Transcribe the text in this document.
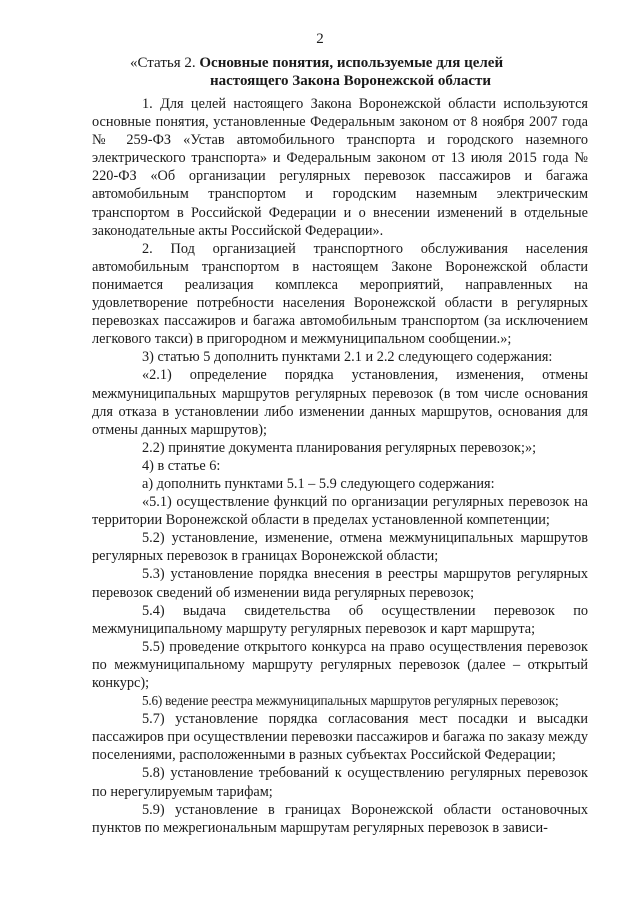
2
«Статья 2. Основные понятия, используемые для целей
настоящего Закона Воронежской области

1. Для целей настоящего Закона Воронежской области используются основные понятия, установленные Федеральным законом от 8 ноября 2007 года № 259-ФЗ «Устав автомобильного транспорта и городского наземного электрического транспорта» и Федеральным законом от 13 июля 2015 года № 220-ФЗ «Об организации регулярных перевозок пассажиров и багажа автомобильным транспортом и городским наземным электрическим транспортом в Российской Федерации и о внесении изменений в отдельные законодательные акты Российской Федерации».

2. Под организацией транспортного обслуживания населения автомобильным транспортом в настоящем Законе Воронежской области понимается реализация комплекса мероприятий, направленных на удовлетворение потребности населения Воронежской области в регулярных перевозках пассажиров и багажа автомобильным транспортом (за исключением легкового такси) в пригородном и межмуниципальном сообщении.»;

3) статью 5 дополнить пунктами 2.1 и 2.2 следующего содержания:

«2.1) определение порядка установления, изменения, отмены межмуниципальных маршрутов регулярных перевозок (в том числе основания для отказа в установлении либо изменении данных маршрутов, основания для отмены данных маршрутов);

2.2) принятие документа планирования регулярных перевозок;»;

4) в статье 6:

а) дополнить пунктами 5.1 – 5.9 следующего содержания:

«5.1) осуществление функций по организации регулярных перевозок на территории Воронежской области в пределах установленной компетенции;

5.2) установление, изменение, отмена межмуниципальных маршрутов регулярных перевозок в границах Воронежской области;

5.3) установление порядка внесения в реестры маршрутов регулярных перевозок сведений об изменении вида регулярных перевозок;

5.4) выдача свидетельства об осуществлении перевозок по межмуниципальному маршруту регулярных перевозок и карт маршрута;

5.5) проведение открытого конкурса на право осуществления перевозок по межмуниципальному маршруту регулярных перевозок (далее – открытый конкурс);

5.6) ведение реестра межмуниципальных маршрутов регулярных перевозок;

5.7) установление порядка согласования мест посадки и высадки пассажиров при осуществлении перевозки пассажиров и багажа по заказу между поселениями, расположенными в разных субъектах Российской Федерации;

5.8) установление требований к осуществлению регулярных перевозок по нерегулируемым тарифам;

5.9) установление в границах Воронежской области остановочных пунктов по межрегиональным маршрутам регулярных перевозок в зависи-
